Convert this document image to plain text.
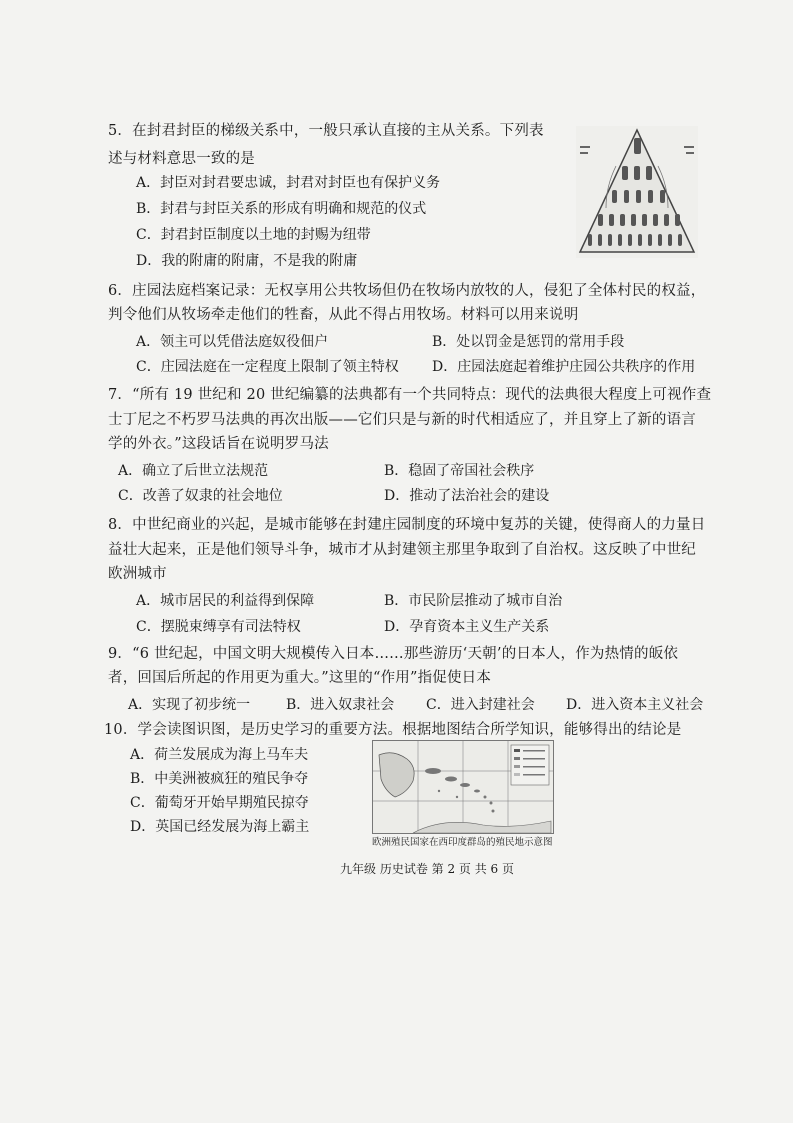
5．在封君封臣的梯级关系中，一般只承认直接的主从关系。下列表
述与材料意思一致的是
A．封臣对封君要忠诚，封君对封臣也有保护义务
B．封君与封臣关系的形成有明确和规范的仪式
C．封君封臣制度以土地的封赐为纽带
D．我的附庸的附庸，不是我的附庸
6．庄园法庭档案记录：无权享用公共牧场但仍在牧场内放牧的人，侵犯了全体村民的权益，
判令他们从牧场牵走他们的牲畜，从此不得占用牧场。材料可以用来说明
A．领主可以凭借法庭奴役佃户	B．处以罚金是惩罚的常用手段
C．庄园法庭在一定程度上限制了领主特权 D．庄园法庭起着维护庄园公共秩序的作用
7．“所有 19 世纪和 20 世纪编纂的法典都有一个共同特点：现代的法典很大程度上可视作查
士丁尼之不朽罗马法典的再次出版——它们只是与新的时代相适应了，并且穿上了新的语言
学的外衣。”这段话旨在说明罗马法
A．确立了后世立法规范	B．稳固了帝国社会秩序
C．改善了奴隶的社会地位	D．推动了法治社会的建设
8．中世纪商业的兴起，是城市能够在封建庄园制度的环境中复苏的关键，使得商人的力量日
益壮大起来，正是他们领导斗争，城市才从封建领主那里争取到了自治权。这反映了中世纪
欧洲城市
A．城市居民的利益得到保障	B．市民阶层推动了城市自治
C．摆脱束缚享有司法特权	D．孕育资本主义生产关系
9．“6 世纪起，中国文明大规模传入日本……那些游历‘天朝’的日本人，作为热情的皈依
者，回国后所起的作用更为重大。”这里的“作用”指促使日本
A．实现了初步统一	B．进入奴隶社会 C．进入封建社会 D．进入资本主义社会
10．学会读图识图，是历史学习的重要方法。根据地图结合所学知识，能够得出的结论是
A．荷兰发展成为海上马车夫
B．中美洲被疯狂的殖民争夺
C．葡萄牙开始早期殖民掠夺
D．英国已经发展为海上霸主
欧洲殖民国家在西印度群岛的殖民地示意图
九年级 历史试卷 第 2 页 共 6 页
